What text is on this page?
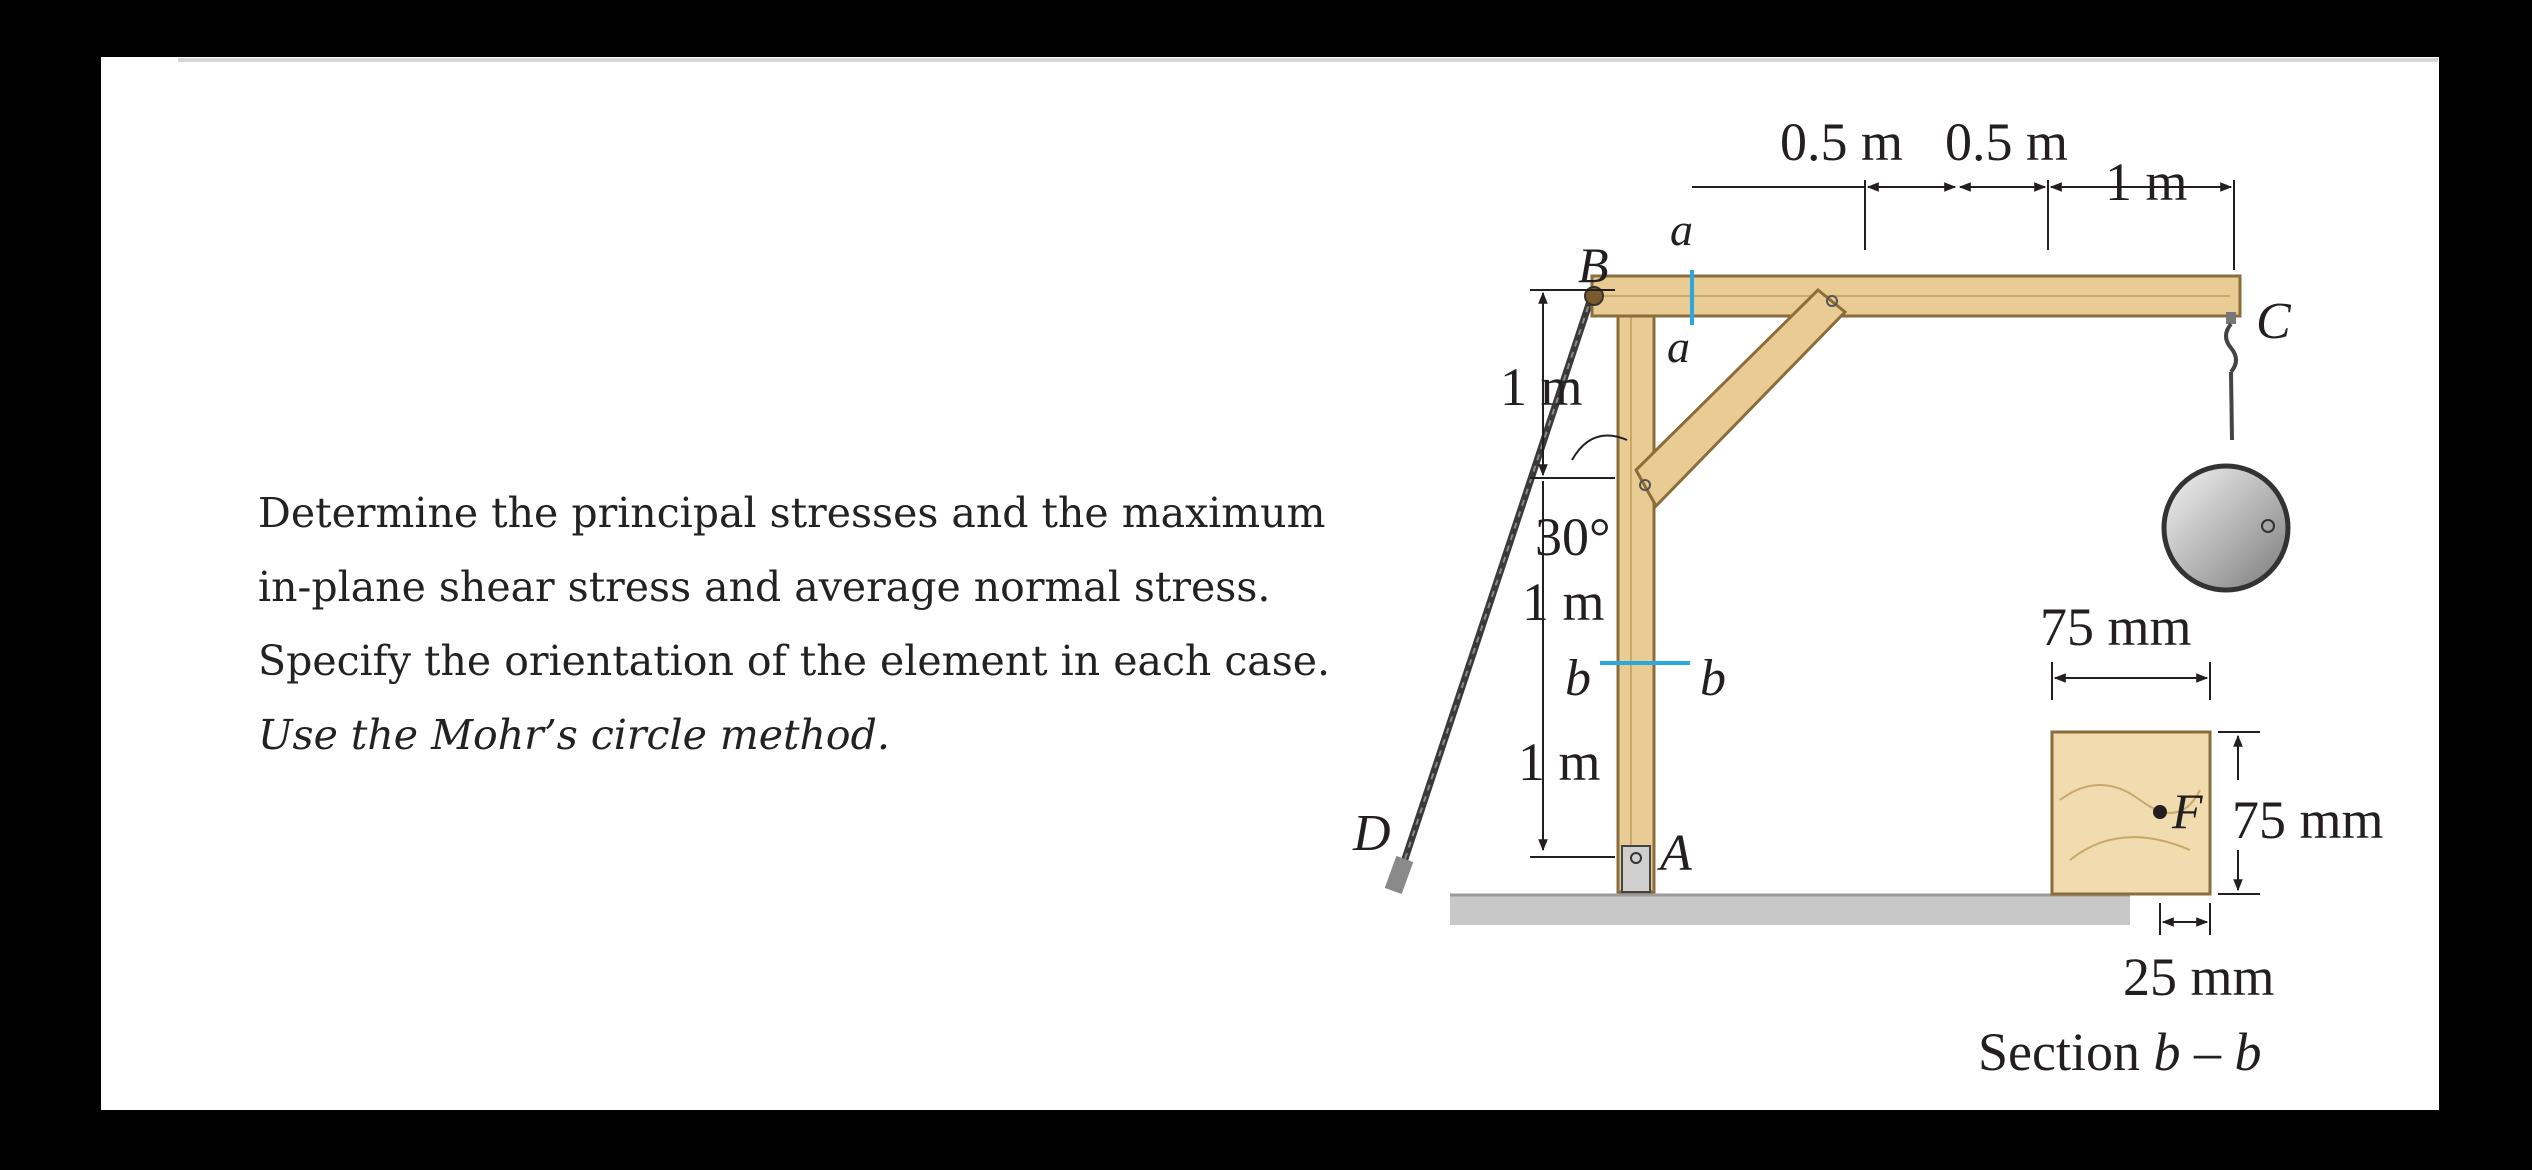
Determine the principal stresses and the maximum
in-plane shear stress and average normal stress.
Specify the orientation of the element in each case.
Use the Mohr’s circle method.
0.5 m 0.5 m
1 m
a
a
B
C
D	A
1 m
30°
1 m
b b
1 m
75 mm
F 75 mm
25 mm
Section b – b
